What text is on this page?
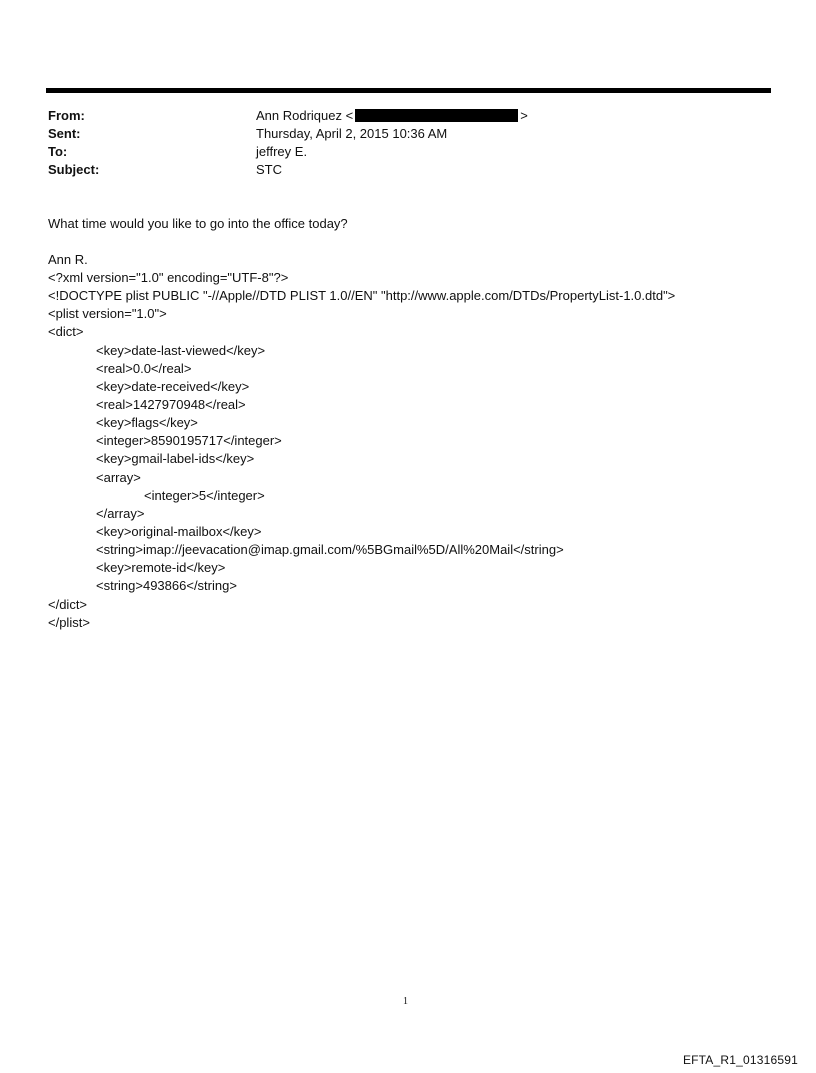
From:	Ann Rodriquez <	>
Sent:	Thursday, April 2, 2015 10:36 AM
To:	jeffrey E.
Subject:	STC
What time would you like to go into the office today?
Ann R.
<?xml version="1.0" encoding="UTF-8"?>
<!DOCTYPE plist PUBLIC "-//Apple//DTD PLIST 1.0//EN" "http://www.apple.com/DTDs/PropertyList-1.0.dtd">
<plist version="1.0">
<dict>
<key>date-last-viewed</key>
<real>0.0</real>
<key>date-received</key>
<real>1427970948</real>
<key>flags</key>
<integer>8590195717</integer>
<key>gmail-label-ids</key>
<array>
<integer>5</integer>
</array>
<key>original-mailbox</key>
<string>imap://jeevacation@imap.gmail.com/%5BGmail%5D/All%20Mail</string>
<key>remote-id</key>
<string>493866</string>
</dict>
</plist>
1
EFTA_R1_01316591
